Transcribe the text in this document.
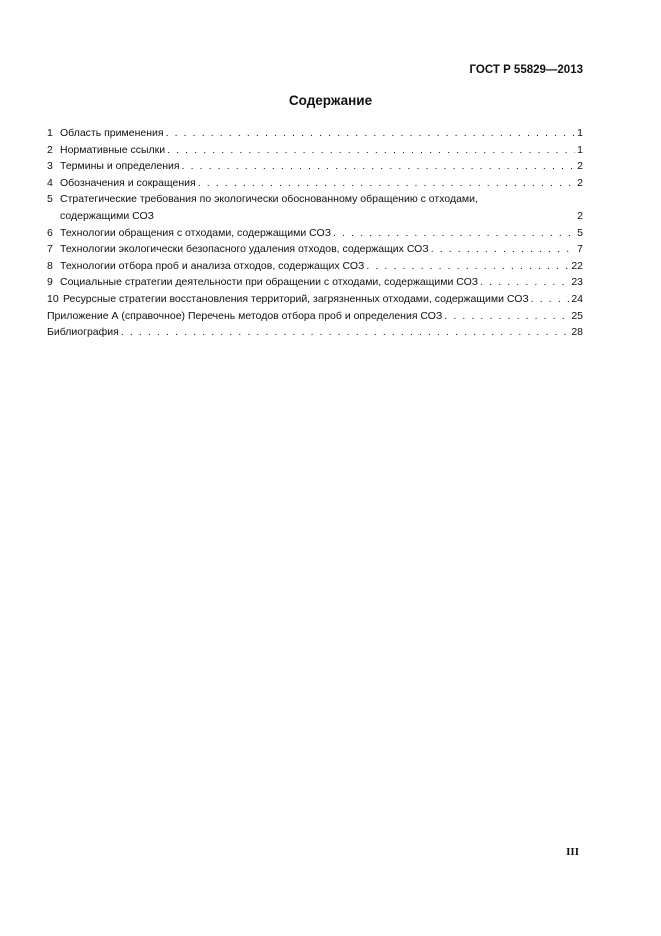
ГОСТ Р 55829—2013
Содержание
1 Область применения . . .	1
2 Нормативные ссылки . . .	1
3 Термины и определения . . .	2
4 Обозначения и сокращения . . .	2
5 Стратегические требования по экологически обоснованному обращению с отходами,
содержащими СОЗ	2
6 Технологии обращения с отходами, содержащими СОЗ . . .	5
7 Технологии экологически безопасного удаления отходов, содержащих СОЗ . . .	7
8 Технологии отбора проб и анализа отходов, содержащих СОЗ . . .	22
9 Социальные стратегии деятельности при обращении с отходами, содержащими СОЗ . . .	23
10 Ресурсные стратегии восстановления территорий, загрязненных отходами, содержащими СОЗ . . .	24
Приложение А (справочное) Перечень методов отбора проб и определения СОЗ . . .	25
Библиография . . .	28
III
